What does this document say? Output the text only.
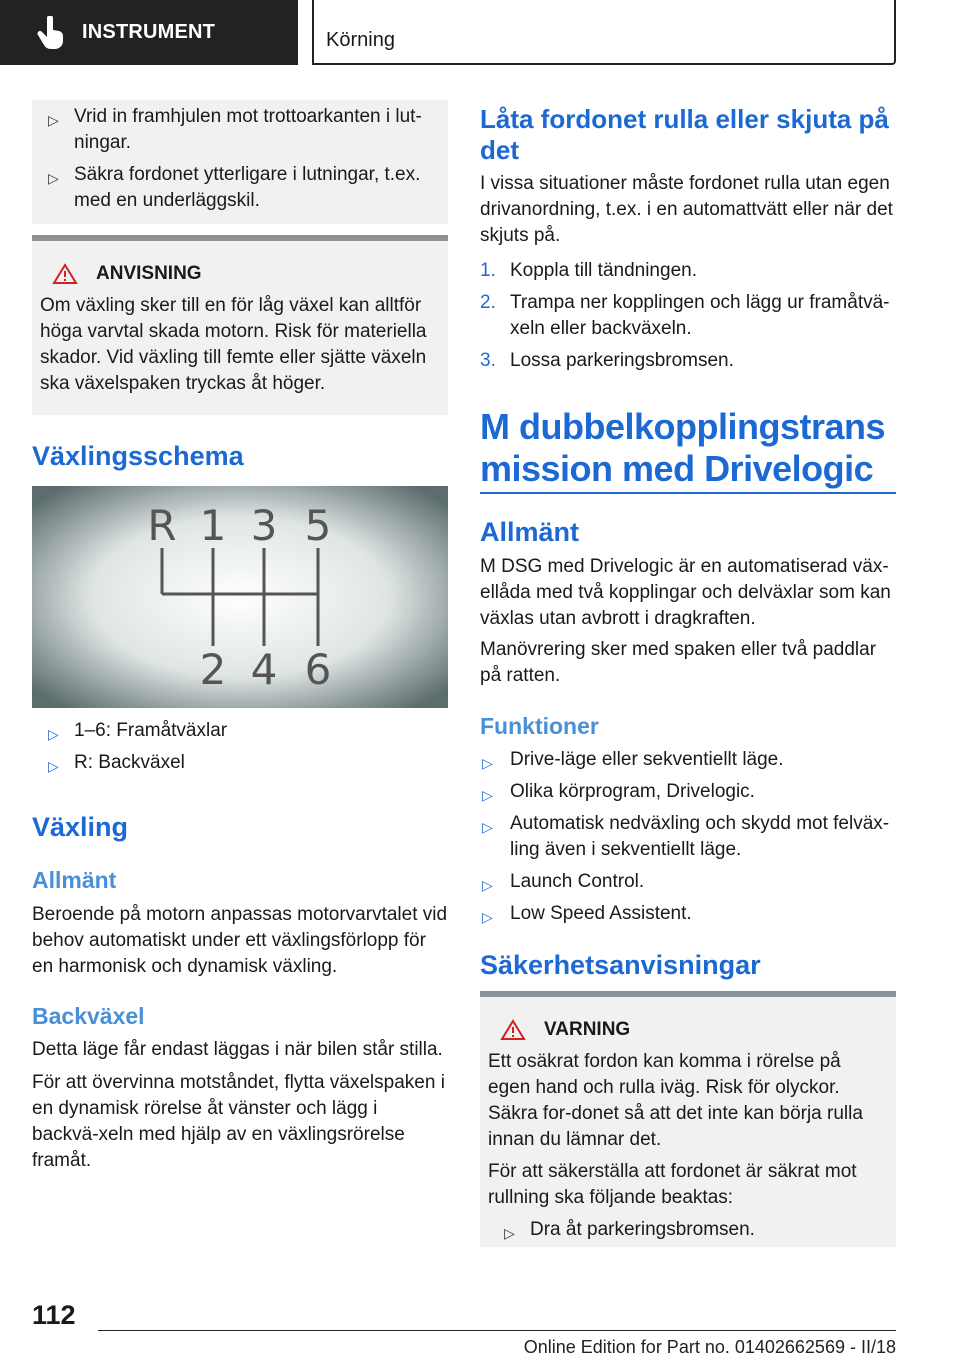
INSTRUMENT	Körning
▷ Vrid in framhjulen mot trottoarkanten i lut‐ningar.
▷ Säkra fordonet ytterligare i lutningar, t.ex. med en underläggskil.
ANVISNING
Om växling sker till en för låg växel kan alltför höga varvtal skada motorn. Risk för materiella skador. Vid växling till femte eller sjätte växeln ska växelspaken tryckas åt höger.
Växlingsschema
R 1 3 5
2 4 6
▷ 1–6: Framåtväxlar
▷ R: Backväxel
Växling
Allmänt
Beroende på motorn anpassas motorvarvtalet vid behov automatiskt under ett växlingsförlopp för en harmonisk och dynamisk växling.
Backväxel
Detta läge får endast läggas i när bilen står stilla.
För att övervinna motståndet, flytta växelspaken i en dynamisk rörelse åt vänster och lägg i backvä‐xeln med hjälp av en växlingsrörelse framåt.
Låta fordonet rulla eller skjuta på det
I vissa situationer måste fordonet rulla utan egen drivanordning, t.ex. i en automattvätt eller när det skjuts på.
1. Koppla till tändningen.
2. Trampa ner kopplingen och lägg ur framåtvä‐xeln eller backväxeln.
3. Lossa parkeringsbromsen.
M dubbelkopplingstransmission med Drivelogic
Allmänt
M DSG med Drivelogic är en automatiserad väx‐ellåda med två kopplingar och delväxlar som kan växlas utan avbrott i dragkraften.
Manövrering sker med spaken eller två paddlar på ratten.
Funktioner
▷ Drive-läge eller sekventiellt läge.
▷ Olika körprogram, Drivelogic.
▷ Automatisk nedväxling och skydd mot felväx‐ling även i sekventiellt läge.
▷ Launch Control.
▷ Low Speed Assistent.
Säkerhetsanvisningar
VARNING
Ett osäkrat fordon kan komma i rörelse på egen hand och rulla iväg. Risk för olyckor. Säkra for‐donet så att det inte kan börja rulla innan du lämnar det.
För att säkerställa att fordonet är säkrat mot rullning ska följande beaktas:
▷ Dra åt parkeringsbromsen.
112
Online Edition for Part no. 01402662569 - II/18
